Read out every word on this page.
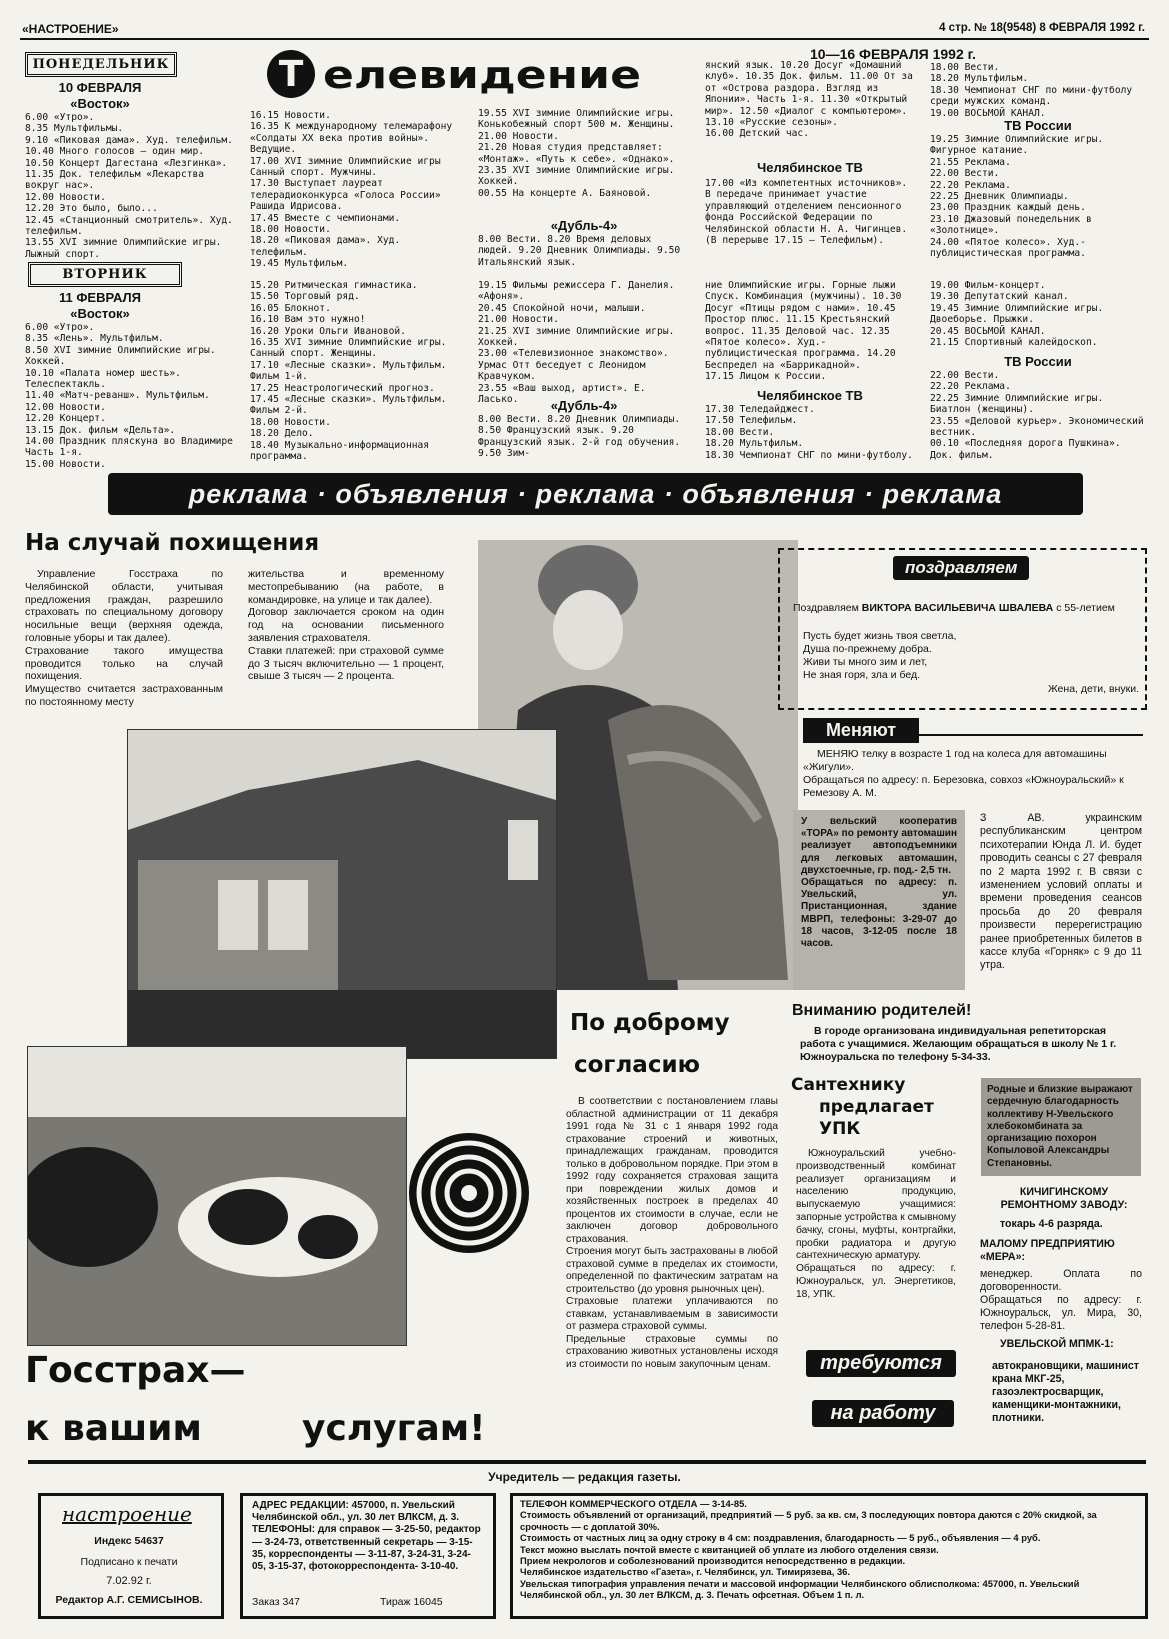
«НАСТРОЕНИЕ»	4 стр. № 18(9548) 8 ФЕВРАЛЯ 1992 г.
Т елевидение	10—16 ФЕВРАЛЯ 1992 г.
ПОНЕДЕЛЬНИК
10 ФЕВРАЛЯ
«Восток»
6.00 «Утро».
8.35 Мультфильмы.
9.10 «Пиковая дама». Худ. телефильм.
10.40 Много голосов — один мир.
10.50 Концерт Дагестана «Лезгинка».
11.35 Док. телефильм «Лекарства вокруг нас».
12.00 Новости.
12.20 Это было, было...
12.45 «Станционный смотритель». Худ. телефильм.
13.55 XVI зимние Олимпийские игры. Лыжный спорт.
16.15 Новости.
16.35 К международному телемарафону «Солдаты XX века против войны». Ведущие.
17.00 XVI зимние Олимпийские игры Санный спорт. Мужчины.
17.30 Выступает лауреат телерадиоконкурса «Голоса России» Рашида Идрисова.
17.45 Вместе с чемпионами.
18.00 Новости.
18.20 «Пиковая дама». Худ. телефильм.
19.45 Мультфильм.
19.55 XVI зимние Олимпийские игры. Конькобежный спорт 500 м. Женщины.
21.00 Новости.
21.20 Новая студия представляет: «Монтаж». «Путь к себе». «Однако».
23.35 XVI зимние Олимпийские игры. Хоккей.
00.55 На концерте А. Баяновой.
«Дубль-4»
8.00 Вести. 8.20 Время деловых людей. 9.20 Дневник Олимпиады. 9.50 Итальянский язык.
янский язык. 10.20 Досуг «Домашний клуб». 10.35 Док. фильм. 11.00 От за от «Острова раздора. Взгляд из Японии». Часть 1-я. 11.30 «Открытый мир». 12.50 «Диалог с компьютером». 13.10 «Русские сезоны».
16.00 Детский час.
Челябинское ТВ
17.00 «Из компетентных источников». В передаче принимает участие управляющий отделением пенсионного фонда Российской Федерации по Челябинской области Н. А. Чигинцев.(В перерыве 17.15 — Телефильм).
18.00 Вести.
18.20 Мультфильм.
18.30 Чемпионат СНГ по мини-футболу среди мужских команд.
19.00 ВОСЬМОЙ КАНАЛ.
ТВ России
19.25 Зимние Олимпийские игры. Фигурное катание.
21.55 Реклама.
22.00 Вести.
22.20 Реклама.
22.25 Дневник Олимпиады.
23.00 Праздник каждый день.
23.10 Джазовый понедельник в «Золотнице».
24.00 «Пятое колесо». Худ.-публицистическая программа.
ВТОРНИК
11 ФЕВРАЛЯ
«Восток»
6.00 «Утро».
8.35 «Лень». Мультфильм.
8.50 XVI зимние Олимпийские игры. Хоккей.
10.10 «Палата номер шесть». Телеспектакль.
11.40 «Матч-реванш». Мультфильм.
12.00 Новости.
12.20 Концерт.
13.15 Док. фильм «Дельта».
14.00 Праздник пляскуна во Владимире Часть 1-я.
15.00 Новости.
15.20 Ритмическая гимнастика.
15.50 Торговый ряд.
16.05 Блокнот.
16.10 Вам это нужно!
16.20 Уроки Ольги Ивановой.
16.35 XVI зимние Олимпийские игры. Санный спорт. Женщины.
17.10 «Лесные сказки». Мультфильм. Фильм 1-й.
17.25 Неастрологический прогноз.
17.45 «Лесные сказки». Мультфильм. Фильм 2-й.
18.00 Новости.
18.20 Дело.
18.40 Музыкально-информационная программа.
19.15 Фильмы режиссера Г. Данелия. «Афоня».
20.45 Спокойной ночи, малыши.
21.00 Новости.
21.25 XVI зимние Олимпийские игры. Хоккей.
23.00 «Телевизионное знакомство». Урмас Отт беседует с Леонидом Кравчуком.
23.55 «Ваш выход, артист». Е. Ласько.	«Дубль-4»
8.00 Вести. 8.20 Дневник Олимпиады. 8.50 Французский язык. 9.20 Французский язык. 2-й год обучения. 9.50 Зим-
ние Олимпийские игры. Горные лыжи Спуск. Комбинация (мужчины). 10.30 Досуг «Птицы рядом с нами». 10.45 Простор плюс. 11.15 Крестьянский вопрос. 11.35 Деловой час. 12.35 «Пятое колесо». Худ.-публицистическая программа. 14.20 Беспредел на «Баррикадной».
17.15 Лицом к России.
Челябинское ТВ
17.30 Теледайджест.
17.50 Телефильм.
18.00 Вести.
18.20 Мультфильм.
18.30 Чемпионат СНГ по мини-футболу.
19.00 Фильм-концерт.
19.30 Депутатский канал.
19.45 Зимние Олимпийские игры. Двоеборье. Прыжки.
20.45 ВОСЬМОЙ КАНАЛ.
21.15 Спортивный калейдоскоп.
ТВ России
22.00 Вести.
22.20 Реклама.
22.25 Зимние Олимпийские игры. Биатлон (женщины).
23.55 «Деловой курьер». Экономический вестник.
00.10 «Последняя дорога Пушкина». Док. фильм.
реклама · объявления · реклама · объявления · реклама
На случай похищения
Управление Госстраха по Челябинской области, учитывая предложения граждан, разрешило страховать по специальному договору носильные вещи (верхняя одежда, головные уборы и так далее).
Страхование такого имущества проводится только на случай похищения.
Имущество считается застрахованным по постоянному месту
жительства и временному местопребыванию (на работе, в командировке, на улице и так далее).
Договор заключается сроком на один год на основании письменного заявления страхователя.
Ставки платежей: при страховой сумме до 3 тысяч включительно — 1 процент, свыше 3 тысяч — 2 процента.
поздравляем
Поздравляем ВИКТОРА ВАСИЛЬЕВИЧА ШВАЛЕВА с 55-летием
Пусть будет жизнь твоя светла,
Душа по-прежнему добра.
Живи ты много зим и лет,
Не зная горя, зла и бед.
Жена, дети, внуки.
Меняют
МЕНЯЮ телку в возрасте 1 год на колеса для автомашины «Жигули».
Обращаться по адресу: п. Березовка, совхоз «Южноуральский» к Ремезову А. М.
У вельский кооператив «ТОРА» по ремонту автомашин реализует автоподъемники для легковых автомашин, двухстоечные, гр. под.- 2,5 тн.
Обращаться по адресу: п. Увельский, ул. Пристанционная, здание МВРП, телефоны: 3-29-07 до 18 часов, 3-12-05 после 18 часов.
З АВ. украинским республиканским центром психотерапии Юнда Л. И. будет проводить сеансы с 27 февраля по 2 марта 1992 г. В связи с изменением условий оплаты и времени проведения сеансов просьба до 20 февраля произвести перерегистрацию ранее приобретенных билетов в кассе клуба «Горняк» с 9 до 11 утра.
Вниманию родителей!
В городе организована индивидуальная репетиторская работа с учащимися. Желающим обращаться в школу № 1 г. Южноуральска по телефону 5-34-33.
По доброму
согласию
В соответствии с постановлением главы областной администрации от 11 декабря 1991 года № 31 с 1 января 1992 года страхование строений и животных, принадлежащих гражданам, проводится только в добровольном порядке. При этом в 1992 году сохраняется страховая защита при повреждении жилых домов и хозяйственных построек в пределах 40 процентов их стоимости в случае, если не заключен договор добровольного страхования.
Строения могут быть застрахованы в любой страховой сумме в пределах их стоимости, определенной по фактическим затратам на строительство (до уровня рыночных цен).
Страховые платежи уплачиваются по ставкам, устанавливаемым в зависимости от размера страховой суммы.
Предельные страховые суммы по страхованию животных установлены исходя из стоимости по новым закупочным ценам.
Сантехнику
предлагает
УПК
Южноуральский учебно-производственный комбинат реализует организациям и населению продукцию, выпускаемую учащимися: запорные устройства к смывному бачку, сгоны, муфты, контргайки, пробки радиатора и другую сантехническую арматуру.
Обращаться по адресу: г. Южноуральск, ул. Энергетиков, 18, УПК.
Родные и близкие выражают сердечную благодарность коллективу Н-Увельского хлебокомбината за организацию похорон Копыловой Александры Степановны.
КИЧИГИНСКОМУ РЕМОНТНОМУ ЗАВОДУ:
токарь 4-6 разряда.
МАЛОМУ ПРЕДПРИЯТИЮ «МЕРА»:
менеджер. Оплата по договоренности.
Обращаться по адресу: г. Южноуральск, ул. Мира, 30, телефон 5-28-81.
УВЕЛЬСКОЙ МПМК-1:
автокрановщики, машинист крана МКГ-25, газоэлектросварщик, каменщики-монтажники, плотники.
требуются
на работу
Госстрах—
к вашим	услугам!
Учредитель — редакция газеты.
настроение
Индекс 54637
Подписано к печати
7.02.92 г.
Редактор А.Г. СЕМИСЫНОВ.
АДРЕС РЕДАКЦИИ: 457000, п. Увельский Челябинской обл., ул. 30 лет ВЛКСМ, д. 3.
ТЕЛЕФОНЫ: для справок — 3-25-50, редактор — 3-24-73, ответственный секретарь — 3-15-35, корреспонденты — 3-11-87, 3-24-31, 3-24-05, 3-15-37, фотокорреспондента- 3-10-40.
Заказ 347	Тираж 16045
ТЕЛЕФОН КОММЕРЧЕСКОГО ОТДЕЛА — 3-14-85.
Стоимость объявлений от организаций, предприятий — 5 руб. за кв. см, 3 последующих повтора даются с 20% скидкой, за срочность — с доплатой 30%.
Стоимость от частных лиц за одну строку в 4 см: поздравления, благодарность — 5 руб., объявления — 4 руб.
Текст можно выслать почтой вместе с квитанцией об уплате из любого отделения связи.
Прием некрологов и соболезнований производится непосредственно в редакции.
Челябинское издательство «Газета», г. Челябинск, ул. Тимирязева, 36.
Увельская типография управления печати и массовой информации Челябинского облисполкома: 457000, п. Увельский Челябинской обл., ул. 30 лет ВЛКСМ, д. 3. Печать офсетная. Объем 1 п. л.
